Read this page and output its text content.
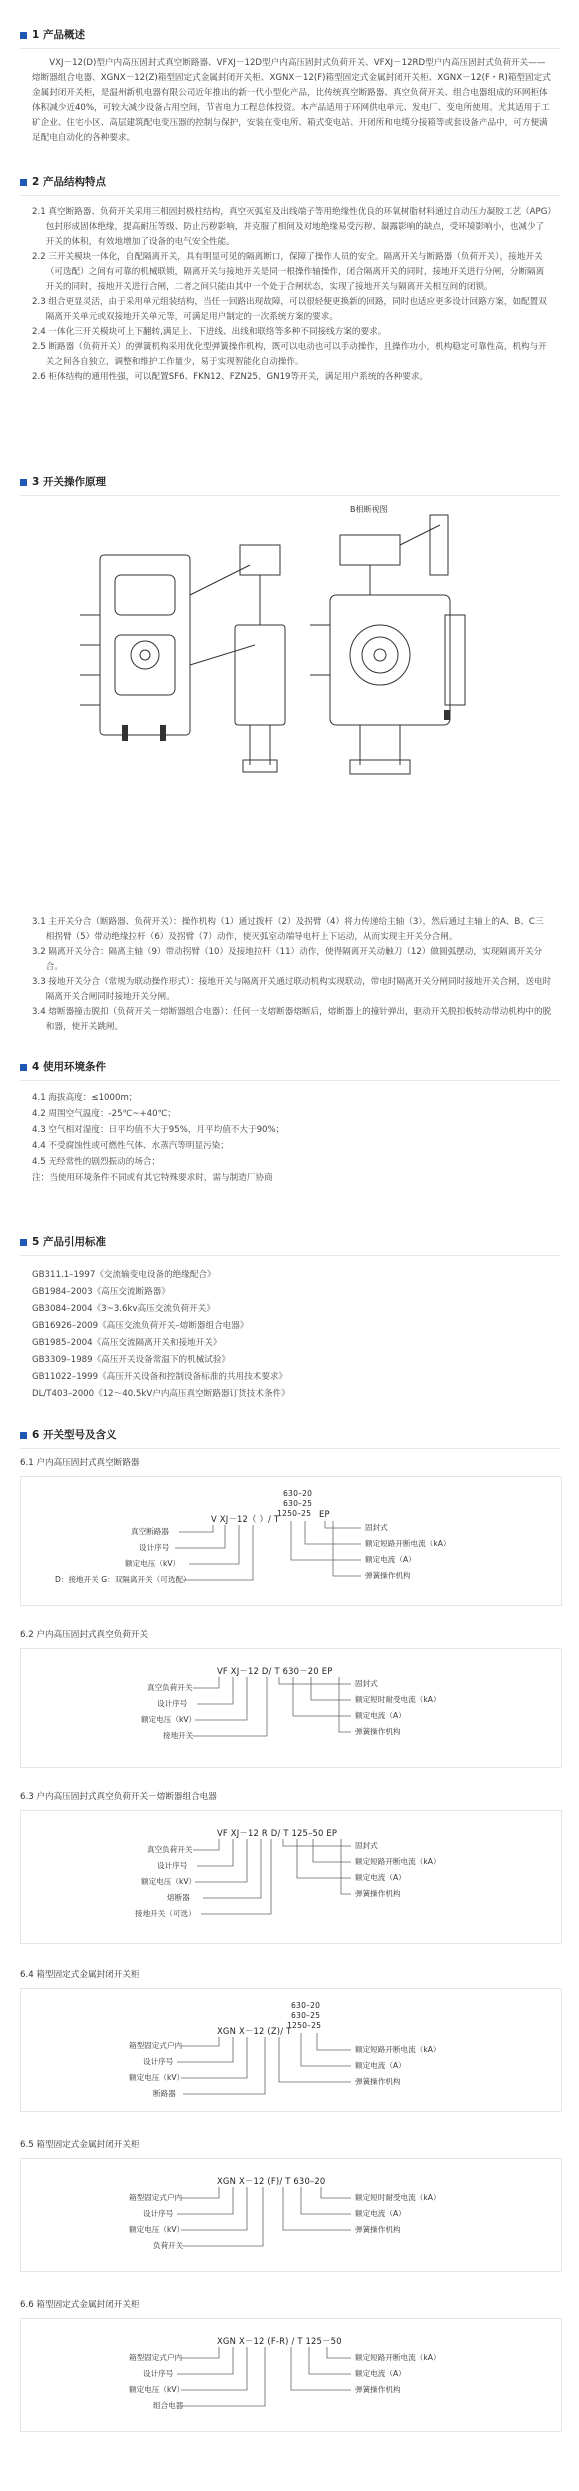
1 产品概述
VXJ－12(D)型户内高压固封式真空断路器、VFXJ－12D型户内高压固封式负荷开关、VFXJ－12RD型户内高压固封式负荷开关——熔断器组合电器、XGNX－12(Z)箱型固定式金属封闭开关柜、XGNX－12(F)箱型固定式金属封闭开关柜、XGNX－12(F・R)箱型固定式金属封闭开关柜，是温州新机电器有限公司近年推出的新一代小型化产品，比传统真空断路器、真空负荷开关、组合电器组成的环网柜体体积减少近40%，可较大减少设备占用空间，节省电力工程总体投资。本产品适用于环网供电单元、发电厂、变电所使用。尤其适用于工矿企业、住宅小区、高层建筑配电变压器的控制与保护，安装在变电所、箱式变电站、开闭所和电缆分接箱等或套设备产品中，可方便满足配电自动化的各种要求。
2 产品结构特点
2.1 真空断路器、负荷开关采用三相固封极柱结构，真空灭弧室及出线端子等用绝缘性优良的环氧树脂材料通过自动压力凝胶工艺（APG）包封形成固体绝缘，提高耐压等级、防止污秽影响，并克服了相间及对地绝缘易受污秽、凝露影响的缺点，受环境影响小，也减少了开关的体积，有效地增加了设备的电气安全性能。
2.2 三开关模块一体化，自配隔离开关，具有明显可见的隔离断口，保障了操作人员的安全。隔离开关与断路器（负荷开关），接地开关（可选配）之间有可靠的机械联锁，隔离开关与接地开关是同一根操作轴操作，闭合隔离开关的同时，接地开关进行分闸，分断隔离开关的同时，接地开关进行合闸，二者之间只能由其中一个处于合闸状态，实现了接地开关与隔离开关相互间的闭锁。
2.3 组合更显灵活，由于采用单元组装结构，当任一回路出现故障，可以很轻便更换新的回路，同时也适应更多设计回路方案，如配置双隔离开关单元或双接地开关单元等，可满足用户制定的一次系统方案的要求。
2.4 一体化三开关模块可上下翻转,满足上、下进线、出线和联络等多种不同接线方案的要求。
2.5 断路器（负荷开关）的弹簧机构采用优化型弹簧操作机构，既可以电动也可以手动操作，且操作功小，机构稳定可靠性高，机构与开关之间各自独立，调整和维护工作量少，易于实现智能化自动操作。
2.6 柜体结构的通用性强，可以配置SF6、FKN12、FZN25、GN19等开关，满足用户系统的各种要求。
3 开关操作原理
B相断视图
3.1 主开关分合（断路器、负荷开关）：操作机构（1）通过拨杆（2）及拐臂（4）将力传递给主轴（3），然后通过主轴上的A、B、C三相拐臂（5）带动绝缘拉杆（6）及拐臂（7）动作，使灭弧室动端导电杆上下运动，从而实现主开关分合闸。
3.2 隔离开关分合：隔离主轴（9）带动拐臂（10）及接地拉杆（11）动作，使得隔离开关动触刀（12）做圆弧摆动，实现隔离开关分合。
3.3 接地开关分合（常规为联动操作形式）：接地开关与隔离开关通过联动机构实现联动，带电时隔离开关分闸同时接地开关合闸，送电时隔离开关合闸同时接地开关分闸。
3.4 熔断器撞击脱扣（负荷开关－熔断器组合电器）：任何一支熔断器熔断后，熔断器上的撞针弹出，驱动开关脱扣板转动带动机构中的脱和器，使开关跳闸。
4 使用环境条件
4.1 海拔高度：≤1000m；
4.2 周围空气温度：-25℃~+40℃；
4.3 空气相对湿度：日平均值不大于95%，月平均值不大于90%；
4.4 不受腐蚀性或可燃性气体、水蒸汽等明显污染；
4.5 无经常性的剧烈振动的场合；
注：当使用环境条件不同或有其它特殊要求时，需与制造厂协商
5 产品引用标准
GB311.1–1997《交流输变电设备的绝缘配合》
GB1984–2003《高压交流断路器》
GB3084–2004《3~3.6kv高压交流负荷开关》
GB16926–2009《高压交流负荷开关–熔断器组合电器》
GB1985–2004《高压交流隔离开关和接地开关》
GB3309–1989《高压开关设备常温下的机械试验》
GB11022–1999《高压开关设备和控制设备标准的共用技术要求》
DL/T403–2000《12～40.5kV户内高压真空断路器订货技术条件》
6 开关型号及含义
6.1 户内高压固封式真空断路器
V XJ－12（ ）/ T
630–20
630–25
1250–25 EP
真空断路器
设计序号
额定电压（kV）
D：接地开关 G：双隔离开关（可选配）
固封式
额定短路开断电流（kA）
额定电流（A）
弹簧操作机构
6.2 户内高压固封式真空负荷开关
VF XJ－12 D/ T 630－20 EP
真空负荷开关
设计序号
额定电压（kV）
接地开关
固封式
额定短时耐受电流（kA）
额定电流（A）
弹簧操作机构
6.3 户内高压固封式真空负荷开关－熔断器组合电器
VF XJ－12 R D/ T 125–50 EP
真空负荷开关
设计序号
额定电压（kV）
熔断器
接地开关（可选）
固封式
额定短路开断电流（kA）
额定电流（A）
弹簧操作机构
6.4 箱型固定式金属封闭开关柜
XGN X－12 (Z)/ T
630–20
630–25
1250–25
箱型固定式户内
设计序号
额定电压（kV）
断路器
额定短路开断电流（kA）
额定电流（A）
弹簧操作机构
6.5 箱型固定式金属封闭开关柜
XGN X－12 (F)/ T 630–20
箱型固定式户内
设计序号
额定电压（kV）
负荷开关
额定短时耐受电流（kA）
额定电流（A）
弹簧操作机构
6.6 箱型固定式金属封闭开关柜
XGN X－12 (F-R) / T 125－50
箱型固定式户内
设计序号
额定电压（kV）
组合电器
额定短路开断电流（kA）
额定电流（A）
弹簧操作机构
